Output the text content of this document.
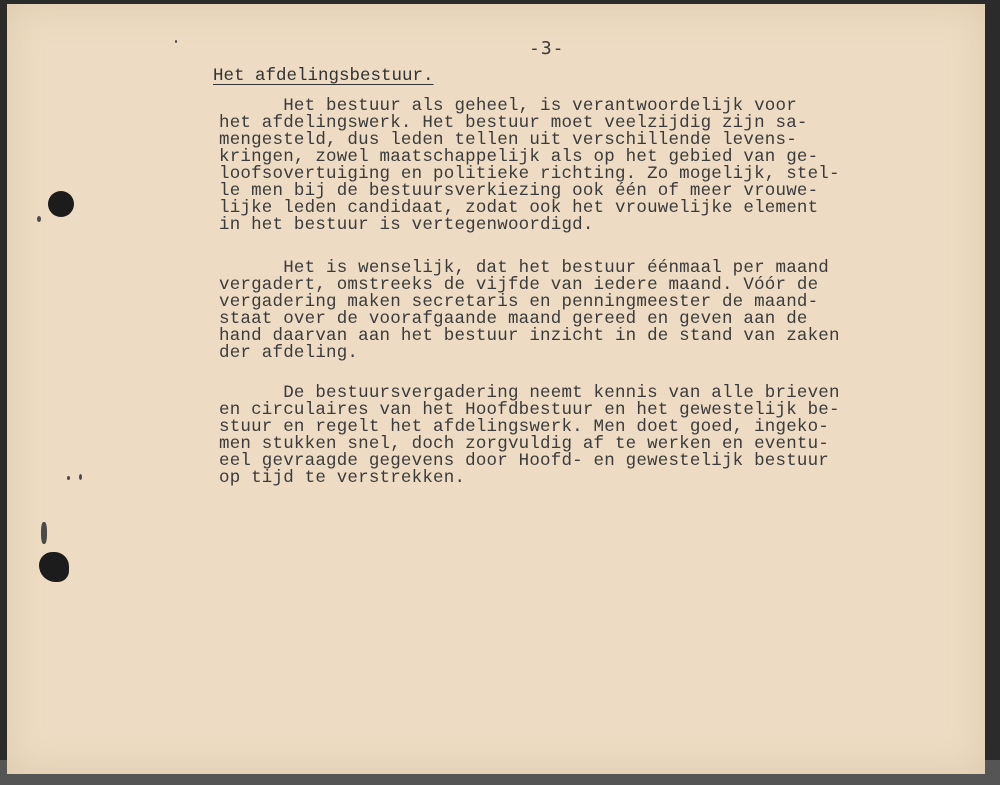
-3-
Het afdelingsbestuur.
Het bestuur als geheel, is verantwoordelijk voor
het afdelingswerk. Het bestuur moet veelzijdig zijn sa-
mengesteld, dus leden tellen uit verschillende levens-
kringen, zowel maatschappelijk als op het gebied van ge-
loofsovertuiging en politieke richting. Zo mogelijk, stel-
le men bij de bestuursverkiezing ook één of meer vrouwe-
lijke leden candidaat, zodat ook het vrouwelijke element
in het bestuur is vertegenwoordigd.
Het is wenselijk, dat het bestuur éénmaal per maand
vergadert, omstreeks de vijfde van iedere maand. Vóór de
vergadering maken secretaris en penningmeester de maand-
staat over de voorafgaande maand gereed en geven aan de
hand daarvan aan het bestuur inzicht in de stand van zaken
der afdeling.
De bestuursvergadering neemt kennis van alle brieven
en circulaires van het Hoofdbestuur en het gewestelijk be-
stuur en regelt het afdelingswerk. Men doet goed, ingeko-
men stukken snel, doch zorgvuldig af te werken en eventu-
eel gevraagde gegevens door Hoofd- en gewestelijk bestuur
op tijd te verstrekken.
